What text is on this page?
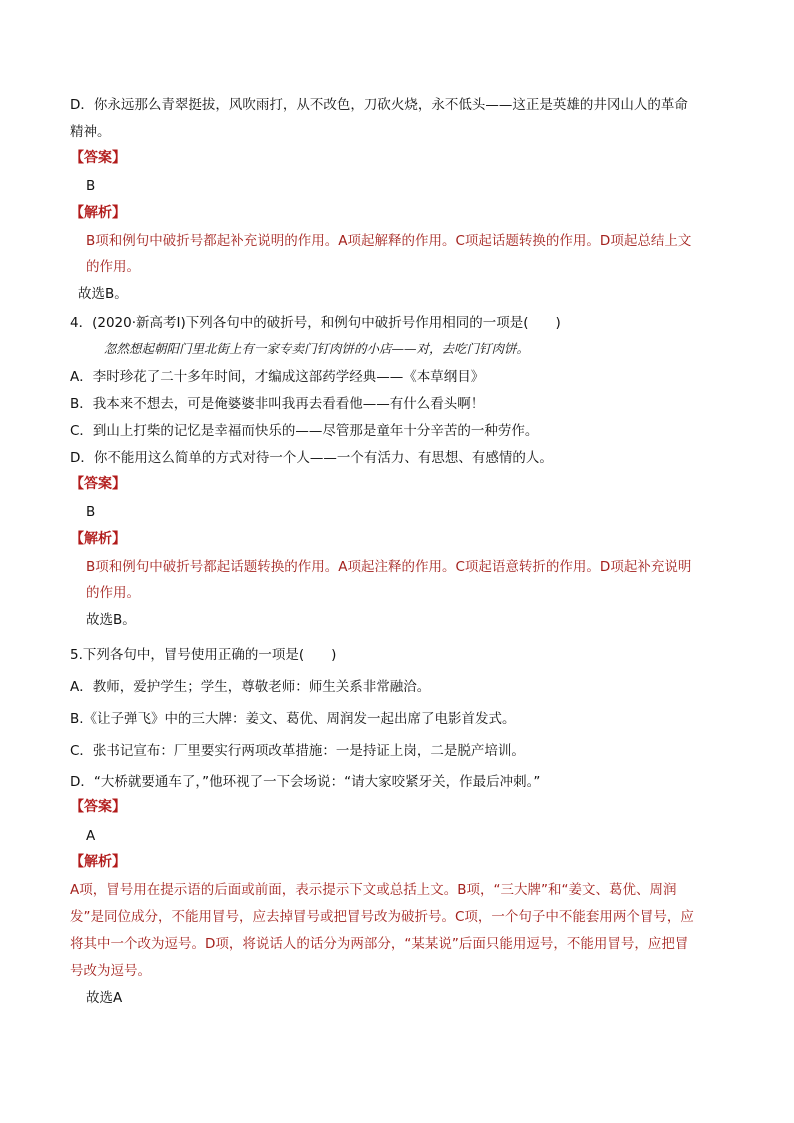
D．你永远那么青翠挺拔，风吹雨打，从不改色，刀砍火烧，永不低头——这正是英雄的井冈山人的革命

精神。

【答案】

B

【解析】

B项和例句中破折号都起补充说明的作用。A项起解释的作用。C项起话题转换的作用。D项起总结上文

的作用。

故选B。

4．(2020·新高考Ⅰ)下列各句中的破折号，和例句中破折号作用相同的一项是(　　)

忽然想起朝阳门里北街上有一家专卖门钉肉饼的小店——对，去吃门钉肉饼。

A．李时珍花了二十多年时间，才编成这部药学经典——《本草纲目》

B．我本来不想去，可是俺婆婆非叫我再去看看他——有什么看头啊！

C．到山上打柴的记忆是幸福而快乐的——尽管那是童年十分辛苦的一种劳作。

D．你不能用这么简单的方式对待一个人——一个有活力、有思想、有感情的人。

【答案】

B

【解析】

B项和例句中破折号都起话题转换的作用。A项起注释的作用。C项起语意转折的作用。D项起补充说明

的作用。

故选B。

5.下列各句中，冒号使用正确的一项是(　　)

A．教师，爱护学生；学生，尊敬老师：师生关系非常融洽。

B.《让子弹飞》中的三大牌：姜文、葛优、周润发一起出席了电影首发式。

C．张书记宣布：厂里要实行两项改革措施：一是持证上岗，二是脱产培训。

D．“大桥就要通车了，”他环视了一下会场说：“请大家咬紧牙关，作最后冲刺。”

【答案】

A

【解析】

A项，冒号用在提示语的后面或前面，表示提示下文或总括上文。B项，“三大牌”和“姜文、葛优、周润

发”是同位成分，不能用冒号，应去掉冒号或把冒号改为破折号。C项，一个句子中不能套用两个冒号，应

将其中一个改为逗号。D项，将说话人的话分为两部分，“某某说”后面只能用逗号，不能用冒号，应把冒

号改为逗号。

故选A
